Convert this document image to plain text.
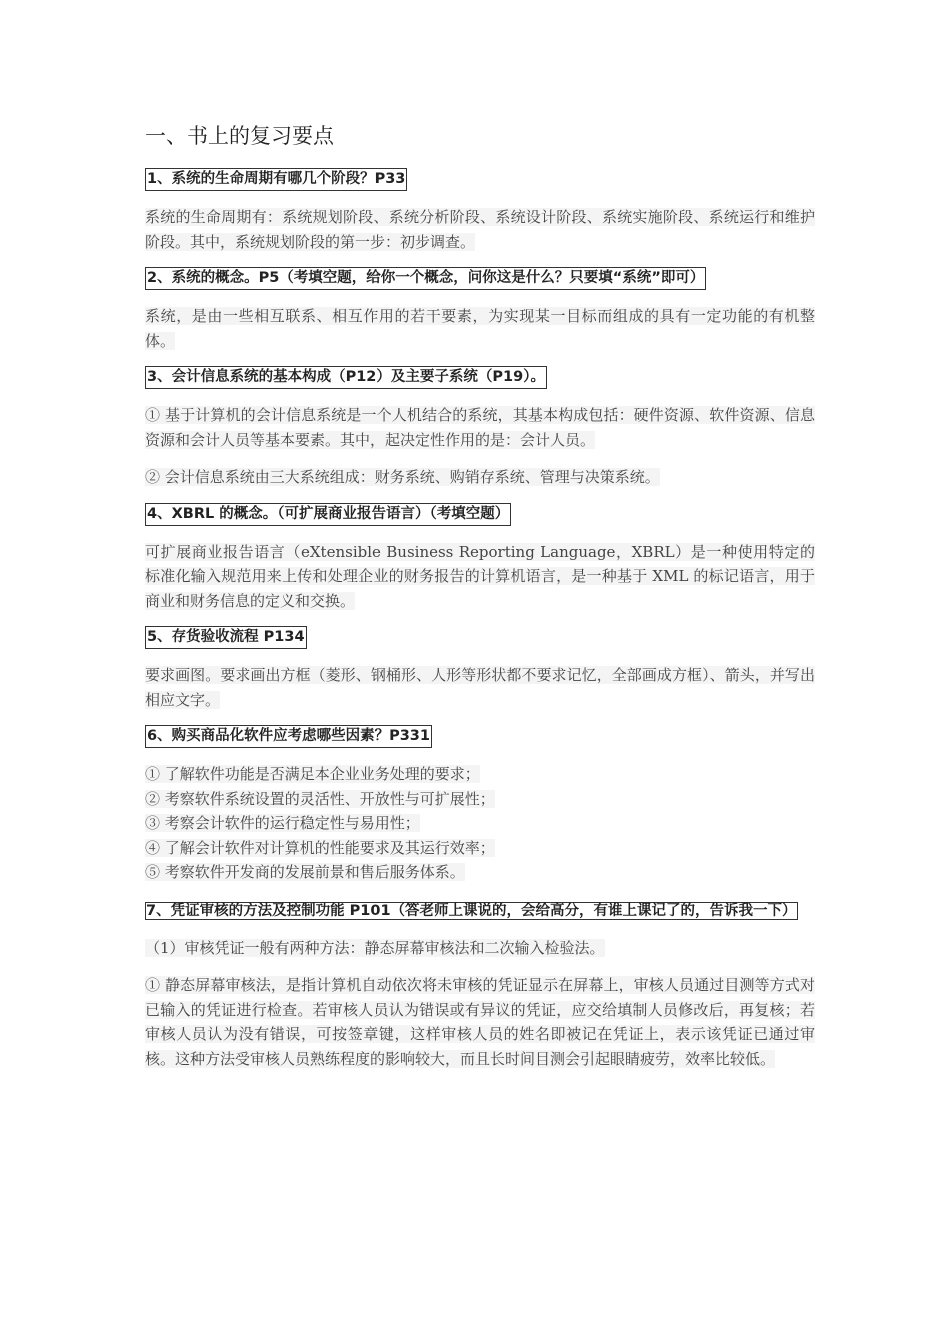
一、书上的复习要点
1、系统的生命周期有哪几个阶段？P33

系统的生命周期有：系统规划阶段、系统分析阶段、系统设计阶段、系统实施阶段、系统运行和维护阶段。其中，系统规划阶段的第一步：初步调查。

2、系统的概念。P5（考填空题，给你一个概念，问你这是什么？只要填“系统”即可）

系统，是由一些相互联系、相互作用的若干要素，为实现某一目标而组成的具有一定功能的有机整体。

3、会计信息系统的基本构成（P12）及主要子系统（P19）。

① 基于计算机的会计信息系统是一个人机结合的系统，其基本构成包括：硬件资源、软件资源、信息资源和会计人员等基本要素。其中，起决定性作用的是：会计人员。

② 会计信息系统由三大系统组成：财务系统、购销存系统、管理与决策系统。

4、XBRL 的概念。（可扩展商业报告语言）（考填空题）

可扩展商业报告语言（eXtensible Business Reporting Language，XBRL）是一种使用特定的标准化输入规范用来上传和处理企业的财务报告的计算机语言，是一种基于 XML 的标记语言，用于商业和财务信息的定义和交换。

5、存货验收流程 P134

要求画图。要求画出方框（菱形、钢桶形、人形等形状都不要求记忆，全部画成方框）、箭头，并写出相应文字。

6、购买商品化软件应考虑哪些因素？P331
① 了解软件功能是否满足本企业业务处理的要求；
② 考察软件系统设置的灵活性、开放性与可扩展性；
③ 考察会计软件的运行稳定性与易用性；
④ 了解会计软件对计算机的性能要求及其运行效率；
⑤ 考察软件开发商的发展前景和售后服务体系。
7、凭证审核的方法及控制功能 P101（答老师上课说的，会给高分，有谁上课记了的，告诉我一下）

（1）审核凭证一般有两种方法：静态屏幕审核法和二次输入检验法。

① 静态屏幕审核法，是指计算机自动依次将未审核的凭证显示在屏幕上，审核人员通过目测等方式对已输入的凭证进行检查。若审核人员认为错误或有异议的凭证，应交给填制人员修改后，再复核；若审核人员认为没有错误，可按签章键，这样审核人员的姓名即被记在凭证上，表示该凭证已通过审核。这种方法受审核人员熟练程度的影响较大，而且长时间目测会引起眼睛疲劳，效率比较低。
